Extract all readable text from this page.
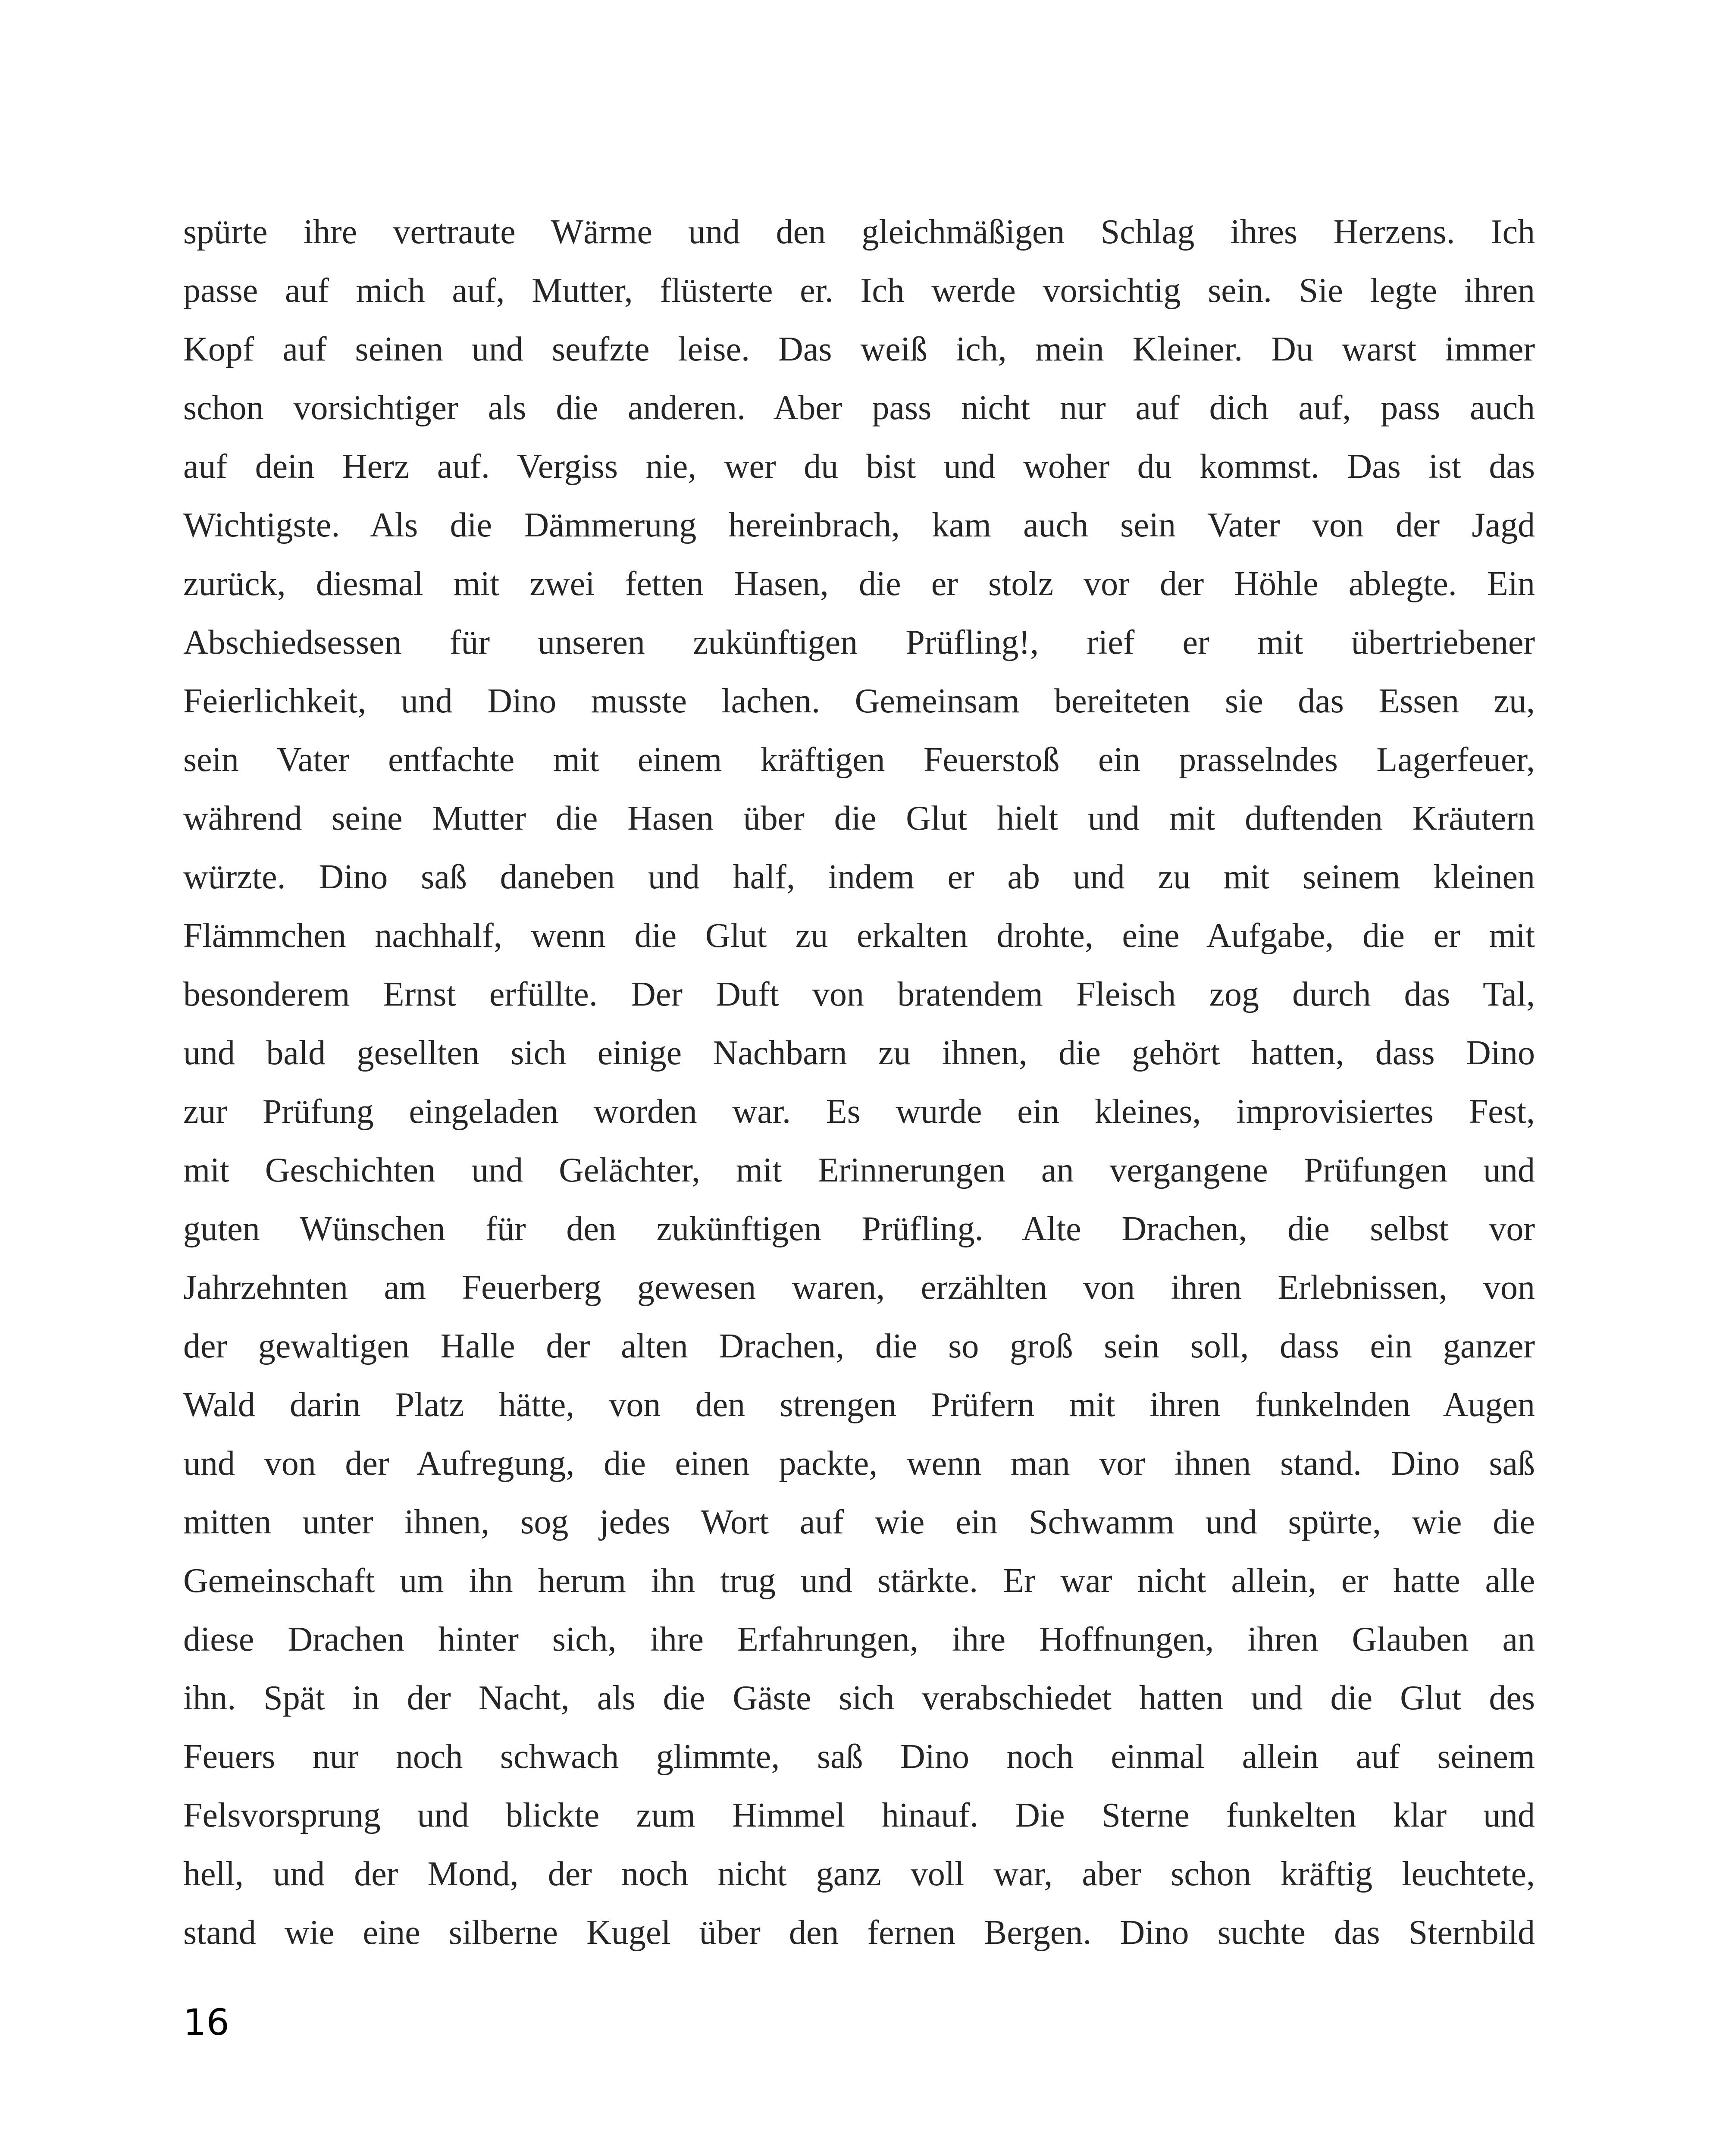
spürte ihre vertraute Wärme und den gleichmäßigen Schlag ihres Herzens. Ich
passe auf mich auf, Mutter, flüsterte er. Ich werde vorsichtig sein. Sie legte ihren
Kopf auf seinen und seufzte leise. Das weiß ich, mein Kleiner. Du warst immer
schon vorsichtiger als die anderen. Aber pass nicht nur auf dich auf, pass auch
auf dein Herz auf. Vergiss nie, wer du bist und woher du kommst. Das ist das
Wichtigste. Als die Dämmerung hereinbrach, kam auch sein Vater von der Jagd
zurück, diesmal mit zwei fetten Hasen, die er stolz vor der Höhle ablegte. Ein
Abschiedsessen für unseren zukünftigen Prüfling!, rief er mit übertriebener
Feierlichkeit, und Dino musste lachen. Gemeinsam bereiteten sie das Essen zu,
sein Vater entfachte mit einem kräftigen Feuerstoß ein prasselndes Lagerfeuer,
während seine Mutter die Hasen über die Glut hielt und mit duftenden Kräutern
würzte. Dino saß daneben und half, indem er ab und zu mit seinem kleinen
Flämmchen nachhalf, wenn die Glut zu erkalten drohte, eine Aufgabe, die er mit
besonderem Ernst erfüllte. Der Duft von bratendem Fleisch zog durch das Tal,
und bald gesellten sich einige Nachbarn zu ihnen, die gehört hatten, dass Dino
zur Prüfung eingeladen worden war. Es wurde ein kleines, improvisiertes Fest,
mit Geschichten und Gelächter, mit Erinnerungen an vergangene Prüfungen und
guten Wünschen für den zukünftigen Prüfling. Alte Drachen, die selbst vor
Jahrzehnten am Feuerberg gewesen waren, erzählten von ihren Erlebnissen, von
der gewaltigen Halle der alten Drachen, die so groß sein soll, dass ein ganzer
Wald darin Platz hätte, von den strengen Prüfern mit ihren funkelnden Augen
und von der Aufregung, die einen packte, wenn man vor ihnen stand. Dino saß
mitten unter ihnen, sog jedes Wort auf wie ein Schwamm und spürte, wie die
Gemeinschaft um ihn herum ihn trug und stärkte. Er war nicht allein, er hatte alle
diese Drachen hinter sich, ihre Erfahrungen, ihre Hoffnungen, ihren Glauben an
ihn. Spät in der Nacht, als die Gäste sich verabschiedet hatten und die Glut des
Feuers nur noch schwach glimmte, saß Dino noch einmal allein auf seinem
Felsvorsprung und blickte zum Himmel hinauf. Die Sterne funkelten klar und
hell, und der Mond, der noch nicht ganz voll war, aber schon kräftig leuchtete,
stand wie eine silberne Kugel über den fernen Bergen. Dino suchte das Sternbild
16
